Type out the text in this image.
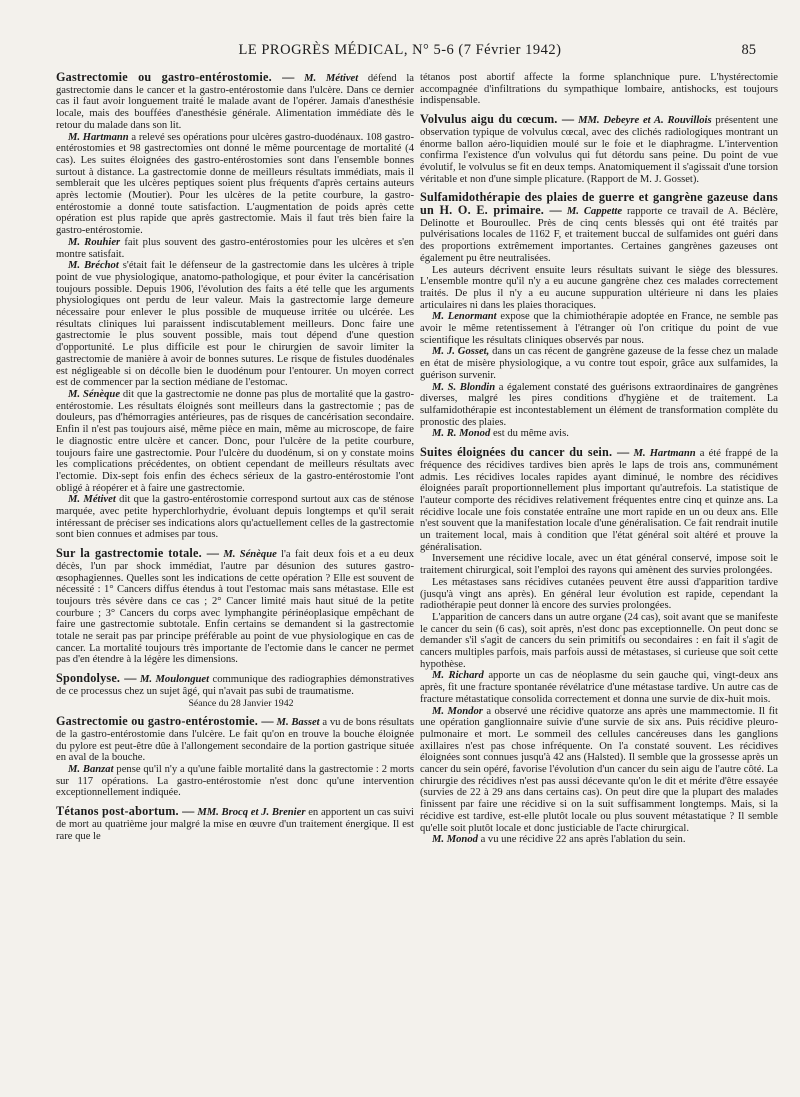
LE PROGRÈS MÉDICAL, N° 5-6 (7 Février 1942)	85

Gastrectomie ou gastro-entérostomie. — M. Métivet défend la gastrectomie dans le cancer et la gastro-entérostomie dans l'ulcère. Dans ce dernier cas il faut avoir longuement traité le malade avant de l'opérer. Jamais d'anesthésie locale, mais des bouffées d'anesthésie générale. Alimentation immédiate dès le retour du malade dans son lit.

M. Hartmann a relevé ses opérations pour ulcères gastro-duodénaux. 108 gastro-entérostomies et 98 gastrectomies ont donné le même pourcentage de mortalité (4 cas). Les suites éloignées des gastro-entérostomies sont dans l'ensemble bonnes surtout à distance. La gastrectomie donne de meilleurs résultats immédiats, mais il semblerait que les ulcères peptiques soient plus fréquents d'après certains auteurs après lectomie (Moutier). Pour les ulcères de la petite courbure, la gastro-entérostomie a donné toute satisfaction. L'augmentation de poids après cette opération est plus rapide que après gastrectomie. Mais il faut très bien faire la gastro-entérostomie.

M. Rouhier fait plus souvent des gastro-entérostomies pour les ulcères et s'en montre satisfait.

M. Bréchot s'était fait le défenseur de la gastrectomie dans les ulcères à triple point de vue physiologique, anatomo-pathologique, et pour éviter la cancérisation toujours possible. Depuis 1906, l'évolution des faits a été telle que les arguments physiologiques ont perdu de leur valeur. Mais la gastrectomie large demeure nécessaire pour enlever le plus possible de muqueuse irritée ou ulcérée. Les résultats cliniques lui paraissent indiscutablement meilleurs. Donc faire une gastrectomie le plus souvent possible, mais tout dépend d'une question d'opportunité. Le plus difficile est pour le chirurgien de savoir limiter la gastrectomie de manière à avoir de bonnes sutures. Le risque de fistules duodénales est négligeable si on décolle bien le duodénum pour l'entourer. Un moyen correct est de commencer par la section médiane de l'estomac.

M. Sénèque dit que la gastrectomie ne donne pas plus de mortalité que la gastro-entérostomie. Les résultats éloignés sont meilleurs dans la gastrectomie ; pas de douleurs, pas d'hémorragies antérieures, pas de risques de cancérisation secondaire. Enfin il n'est pas toujours aisé, même pièce en main, même au microscope, de faire le diagnostic entre ulcère et cancer. Donc, pour l'ulcère de la petite courbure, toujours faire une gastrectomie. Pour l'ulcère du duodénum, si on y constate moins les complications précédentes, on obtient cependant de meilleurs résultats avec l'ectomie. Dix-sept fois enfin des échecs sérieux de la gastro-entérostomie l'ont obligé à réopérer et à faire une gastrectomie.

M. Métivet dit que la gastro-entérostomie correspond surtout aux cas de sténose marquée, avec petite hyperchlorhydrie, évoluant depuis longtemps et qu'il serait intéressant de préciser ses indications alors qu'actuellement celles de la gastrectomie sont bien connues et admises par tous.

Sur la gastrectomie totale. — M. Sénèque l'a fait deux fois et a eu deux décès, l'un par shock immédiat, l'autre par désunion des sutures gastro-œsophagiennes. Quelles sont les indications de cette opération ? Elle est souvent de nécessité : 1° Cancers diffus étendus à tout l'estomac mais sans métastase. Elle est toujours très sévère dans ce cas ; 2° Cancer limité mais haut situé de la petite courbure ; 3° Cancers du corps avec lymphangite périnéoplasique empêchant de faire une gastrectomie subtotale. Enfin certains se demandent si la gastrectomie totale ne serait pas par principe préférable au point de vue physiologique en cas de cancer. La mortalité toujours très importante de l'ectomie dans le cancer ne permet pas d'en étendre à la légère les dimensions.

Spondolyse. — M. Moulonguet communique des radiographies démonstratives de ce processus chez un sujet âgé, qui n'avait pas subi de traumatisme.

Séance du 28 Janvier 1942

Gastrectomie ou gastro-entérostomie. — M. Basset a vu de bons résultats de la gastro-entérostomie dans l'ulcère. Le fait qu'on en trouve la bouche éloignée du pylore est peut-être dûe à l'allongement secondaire de la portion gastrique située en aval de la bouche.

M. Banzat pense qu'il n'y a qu'une faible mortalité dans la gastrectomie : 2 morts sur 117 opérations. La gastro-entérostomie n'est donc qu'une intervention exceptionnellement indiquée.

Tétanos post-abortum. — MM. Brocq et J. Brenier en apportent un cas suivi de mort au quatrième jour malgré la mise en œuvre d'un traitement énergique. Il est rare que le

tétanos post abortif affecte la forme splanchnique pure. L'hystérectomie accompagnée d'infiltrations du sympathique lombaire, antishocks, est toujours indispensable.

Volvulus aigu du cœcum. — MM. Debeyre et A. Rouvillois présentent une observation typique de volvulus cœcal, avec des clichés radiologiques montrant un énorme ballon aéro-liquidien moulé sur le foie et le diaphragme. L'intervention confirma l'existence d'un volvulus qui fut détordu sans peine. Du point de vue évolutif, le volvulus se fit en deux temps. Anatomiquement il s'agissait d'une torsion véritable et non d'une simple plicature. (Rapport de M. J. Gosset).

Sulfamidothérapie des plaies de guerre et gangrène gazeuse dans un H. O. E. primaire. — M. Cappette rapporte ce travail de A. Béclère, Delinotte et Bouroullec. Près de cinq cents blessés qui ont été traités par pulvérisations locales de 1162 F, et traitement buccal de sulfamides ont guéri dans des proportions extrêmement importantes. Certaines gangrènes gazeuses ont également pu être neutralisées.

Les auteurs décrivent ensuite leurs résultats suivant le siège des blessures. L'ensemble montre qu'il n'y a eu aucune gangrène chez ces malades correctement traités. De plus il n'y a eu aucune suppuration ultérieure ni dans les plaies articulaires ni dans les plaies thoraciques.

M. Lenormant expose que la chimiothérapie adoptée en France, ne semble pas avoir le même retentissement à l'étranger où l'on critique du point de vue scientifique les résultats cliniques observés par nous.

M. J. Gosset, dans un cas récent de gangrène gazeuse de la fesse chez un malade en état de misère physiologique, a vu contre tout espoir, grâce aux sulfamides, la guérison survenir.

M. S. Blondin a également constaté des guérisons extraordinaires de gangrènes diverses, malgré les pires conditions d'hygiène et de traitement. La sulfamidothérapie est incontestablement un élément de transformation complète du pronostic des plaies.

M. R. Monod est du même avis.

Suites éloignées du cancer du sein. — M. Hartmann a été frappé de la fréquence des récidives tardives bien après le laps de trois ans, communément admis. Les récidives locales rapides ayant diminué, le nombre des récidives éloignées paraît proportionnellement plus important qu'autrefois. La statistique de l'auteur comporte des récidives relativement fréquentes entre cinq et quinze ans. La récidive locale une fois constatée entraîne une mort rapide en un ou deux ans. Elle n'est souvent que la manifestation locale d'une généralisation. Ce fait rendrait inutile un traitement local, mais à condition que l'état général soit altéré et prouve la généralisation.

Inversement une récidive locale, avec un état général conservé, impose soit le traitement chirurgical, soit l'emploi des rayons qui amènent des survies prolongées.

Les métastases sans récidives cutanées peuvent être aussi d'apparition tardive (jusqu'à vingt ans après). En général leur évolution est rapide, cependant la radiothérapie peut donner là encore des survies prolongées.

L'apparition de cancers dans un autre organe (24 cas), soit avant que se manifeste le cancer du sein (6 cas), soit après, n'est donc pas exceptionnelle. On peut donc se demander s'il s'agit de cancers du sein primitifs ou secondaires : en fait il s'agit de cancers multiples parfois, mais parfois aussi de métastases, si curieuse que soit cette hypothèse.

M. Richard apporte un cas de néoplasme du sein gauche qui, vingt-deux ans après, fit une fracture spontanée révélatrice d'une métastase tardive. Un autre cas de fracture métastatique consolida correctement et donna une survie de dix-huit mois.

M. Mondor a observé une récidive quatorze ans après une mammectomie. Il fit une opération ganglionnaire suivie d'une survie de six ans. Puis récidive pleuro-pulmonaire et mort. Le sommeil des cellules cancéreuses dans les ganglions axillaires n'est pas chose infréquente. On l'a constaté souvent. Les récidives éloignées sont connues jusqu'à 42 ans (Halsted). Il semble que la grossesse après un cancer du sein opéré, favorise l'évolution d'un cancer du sein aigu de l'autre côté. La chirurgie des récidives n'est pas aussi décevante qu'on le dit et mérite d'être essayée (survies de 22 à 29 ans dans certains cas). On peut dire que la plupart des malades finissent par faire une récidive si on la suit suffisamment longtemps. Mais, si la récidive est tardive, est-elle plutôt locale ou plus souvent métastatique ? Il semble qu'elle soit plutôt locale et donc justiciable de l'acte chirurgical.

M. Monod a vu une récidive 22 ans après l'ablation du sein.
